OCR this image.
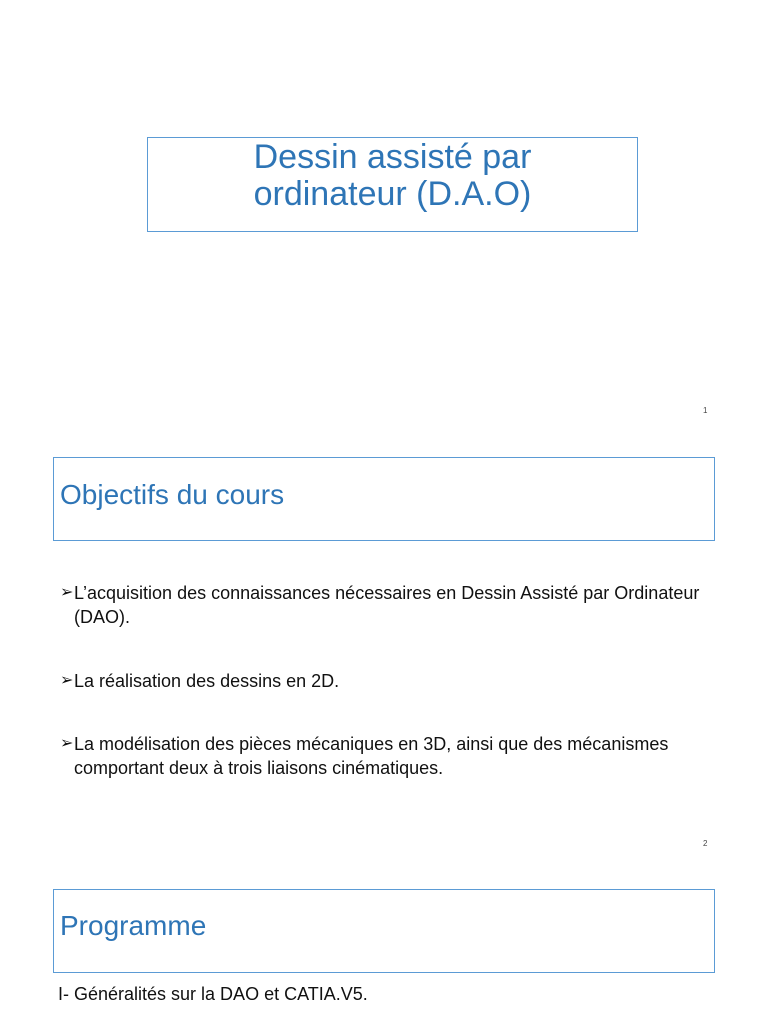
Dessin assisté par
ordinateur (D.A.O)
1
Objectifs du cours
➢ L’acquisition des connaissances nécessaires en Dessin Assisté par Ordinateur (DAO).
➢ La réalisation des dessins en 2D.
➢ La modélisation des pièces mécaniques en 3D, ainsi que des mécanismes comportant deux à trois liaisons cinématiques.
2
Programme
I- Généralités sur la DAO et CATIA.V5.
